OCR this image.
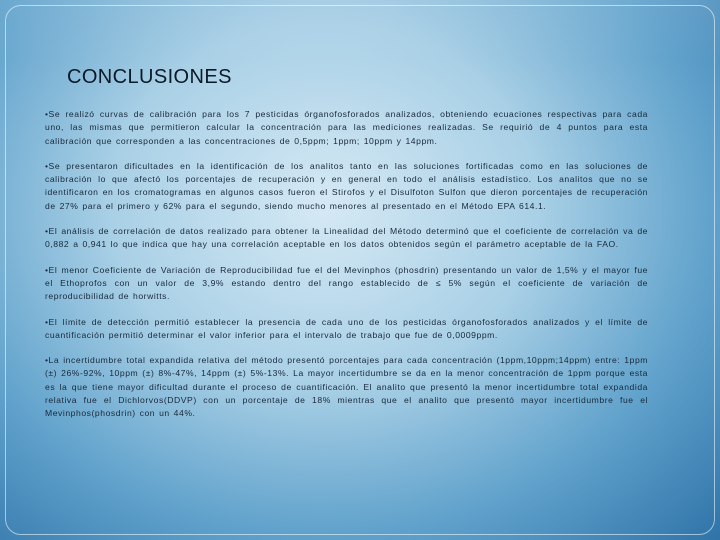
CONCLUSIONES

•Se realizó curvas de calibración para los 7 pesticidas órganofosforados analizados, obteniendo ecuaciones respectivas para cada uno, las mismas que permitieron calcular la concentración para las mediciones realizadas. Se requirió de 4 puntos para esta calibración que corresponden a las concentraciones de 0,5ppm; 1ppm; 10ppm y 14ppm.

•Se presentaron dificultades en la identificación de los analitos tanto en las soluciones fortificadas como en las soluciones de calibración lo que afectó los porcentajes de recuperación y en general en todo el análisis estadístico. Los analitos que no se identificaron en los cromatogramas en algunos casos fueron el Stirofos y el Disulfoton Sulfon que dieron porcentajes de recuperación de 27% para el primero y 62% para el segundo, siendo mucho menores al presentado en el Método EPA 614.1.

•El análisis de correlación de datos realizado para obtener la Linealidad del Método determinó que el coeficiente de correlación va de 0,882 a 0,941 lo que indica que hay una correlación aceptable en los datos obtenidos según el parámetro aceptable de la FAO.

•El menor Coeficiente de Variación de Reproducibilidad fue el del Mevinphos (phosdrin) presentando un valor de 1,5% y el mayor fue el Ethoprofos con un valor de 3,9% estando dentro del rango establecido de ≤ 5% según el coeficiente de variación de reproducibilidad de horwitts.

•El límite de detección permitió establecer la presencia de cada uno de los pesticidas órganofosforados analizados y el límite de cuantificación permitió determinar el valor inferior para el intervalo de trabajo que fue de 0,0009ppm.

•La incertidumbre total expandida relativa del método presentó porcentajes para cada concentración (1ppm,10ppm;14ppm) entre: 1ppm (±) 26%-92%, 10ppm (±) 8%-47%, 14ppm (±) 5%-13%. La mayor incertidumbre se da en la menor concentración de 1ppm porque esta es la que tiene mayor dificultad durante el proceso de cuantificación. El analito que presentó la menor incertidumbre total expandida relativa fue el Dichlorvos(DDVP) con un porcentaje de 18% mientras que el analito que presentó mayor incertidumbre fue el Mevinphos(phosdrin) con un 44%.
